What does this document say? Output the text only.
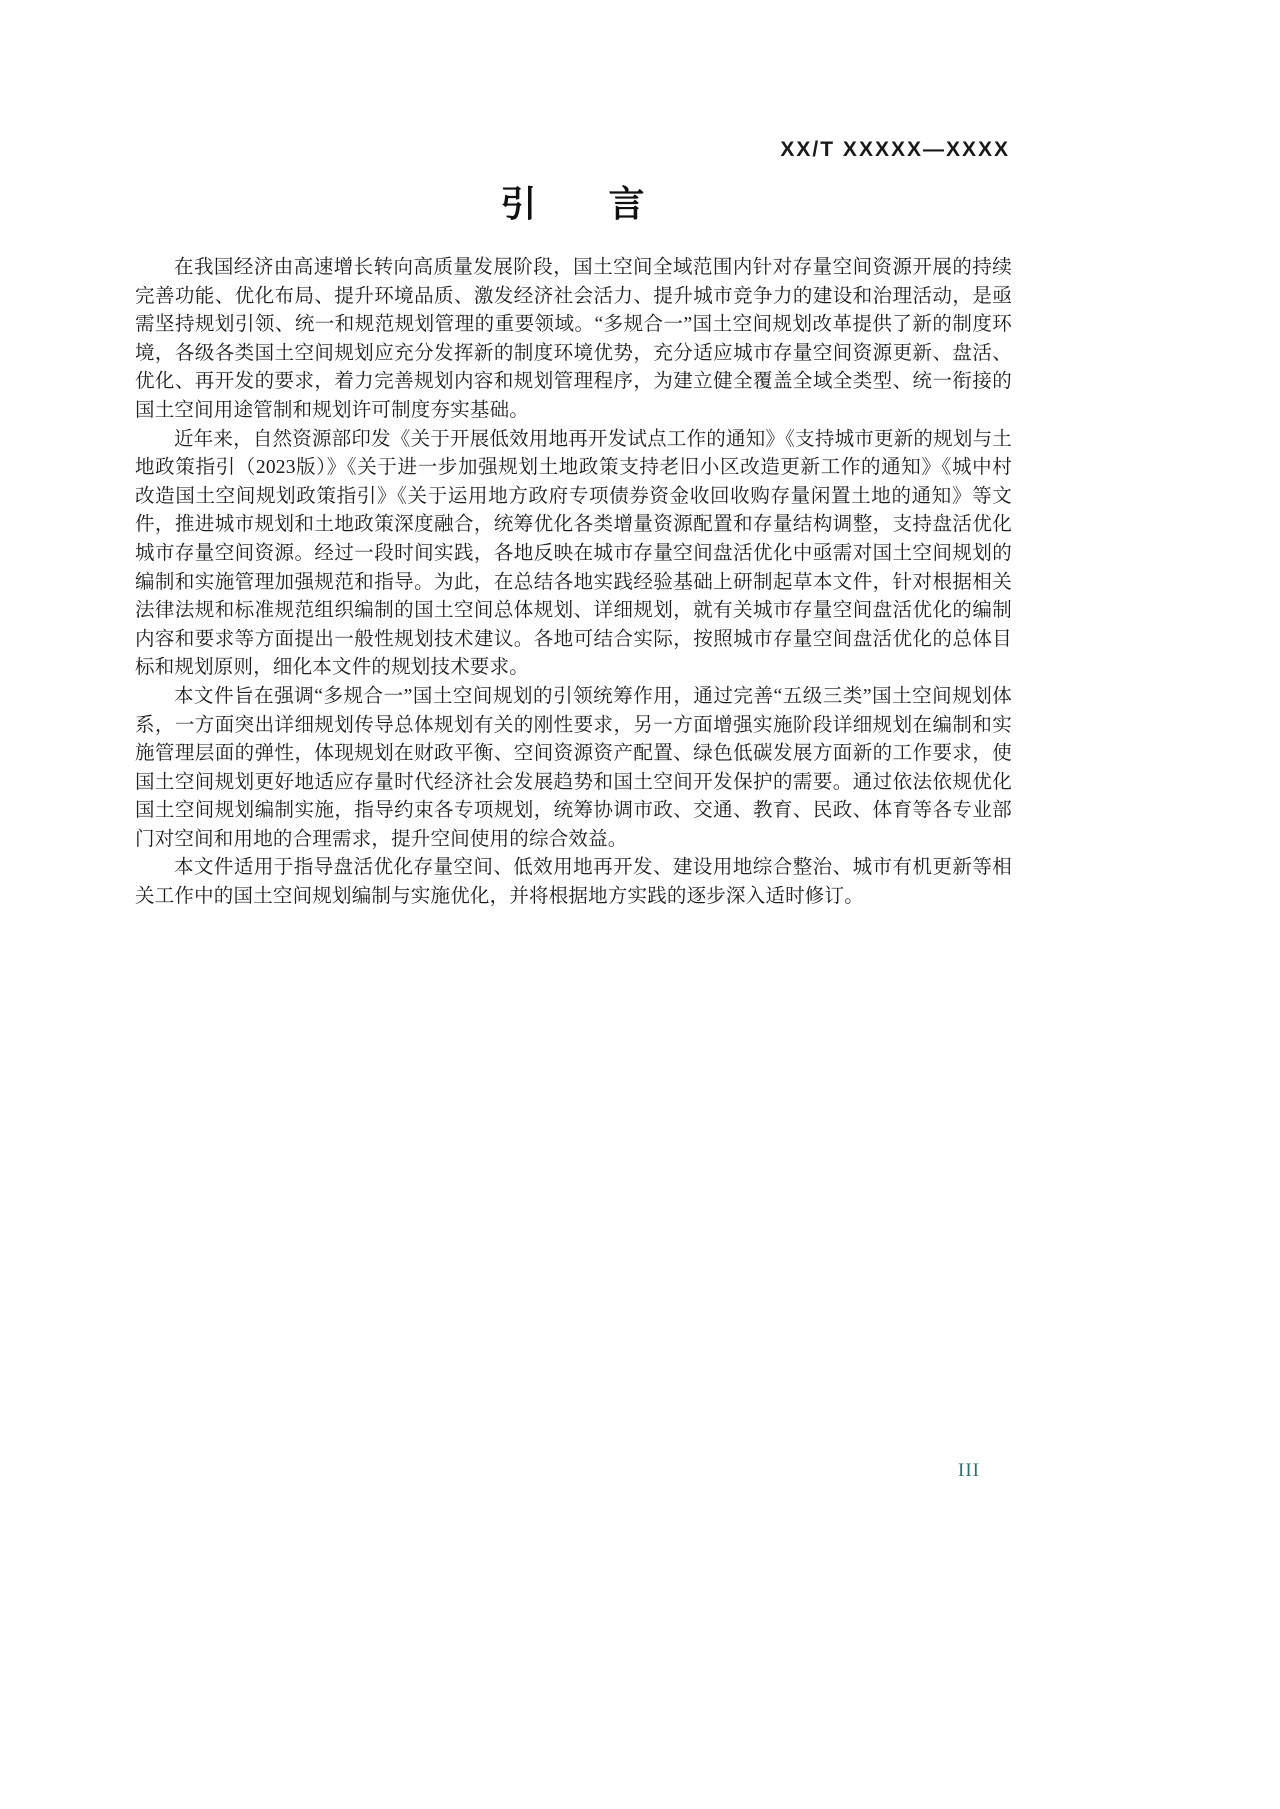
XX/T XXXXX—XXXX
引　　言

在我国经济由高速增长转向高质量发展阶段，国土空间全域范围内针对存量空间资源开展的持续完善功能、优化布局、提升环境品质、激发经济社会活力、提升城市竞争力的建设和治理活动，是亟需坚持规划引领、统一和规范规划管理的重要领域。“多规合一”国土空间规划改革提供了新的制度环境，各级各类国土空间规划应充分发挥新的制度环境优势，充分适应城市存量空间资源更新、盘活、优化、再开发的要求，着力完善规划内容和规划管理程序，为建立健全覆盖全域全类型、统一衔接的国土空间用途管制和规划许可制度夯实基础。

近年来，自然资源部印发《关于开展低效用地再开发试点工作的通知》《支持城市更新的规划与土地政策指引（2023版）》《关于进一步加强规划土地政策支持老旧小区改造更新工作的通知》《城中村改造国土空间规划政策指引》《关于运用地方政府专项债券资金收回收购存量闲置土地的通知》等文件，推进城市规划和土地政策深度融合，统筹优化各类增量资源配置和存量结构调整，支持盘活优化城市存量空间资源。经过一段时间实践，各地反映在城市存量空间盘活优化中亟需对国土空间规划的编制和实施管理加强规范和指导。为此，在总结各地实践经验基础上研制起草本文件，针对根据相关法律法规和标准规范组织编制的国土空间总体规划、详细规划，就有关城市存量空间盘活优化的编制内容和要求等方面提出一般性规划技术建议。各地可结合实际，按照城市存量空间盘活优化的总体目标和规划原则，细化本文件的规划技术要求。

本文件旨在强调“多规合一”国土空间规划的引领统筹作用，通过完善“五级三类”国土空间规划体系，一方面突出详细规划传导总体规划有关的刚性要求，另一方面增强实施阶段详细规划在编制和实施管理层面的弹性，体现规划在财政平衡、空间资源资产配置、绿色低碳发展方面新的工作要求，使国土空间规划更好地适应存量时代经济社会发展趋势和国土空间开发保护的需要。通过依法依规优化国土空间规划编制实施，指导约束各专项规划，统筹协调市政、交通、教育、民政、体育等各专业部门对空间和用地的合理需求，提升空间使用的综合效益。

本文件适用于指导盘活优化存量空间、低效用地再开发、建设用地综合整治、城市有机更新等相关工作中的国土空间规划编制与实施优化，并将根据地方实践的逐步深入适时修订。

III
